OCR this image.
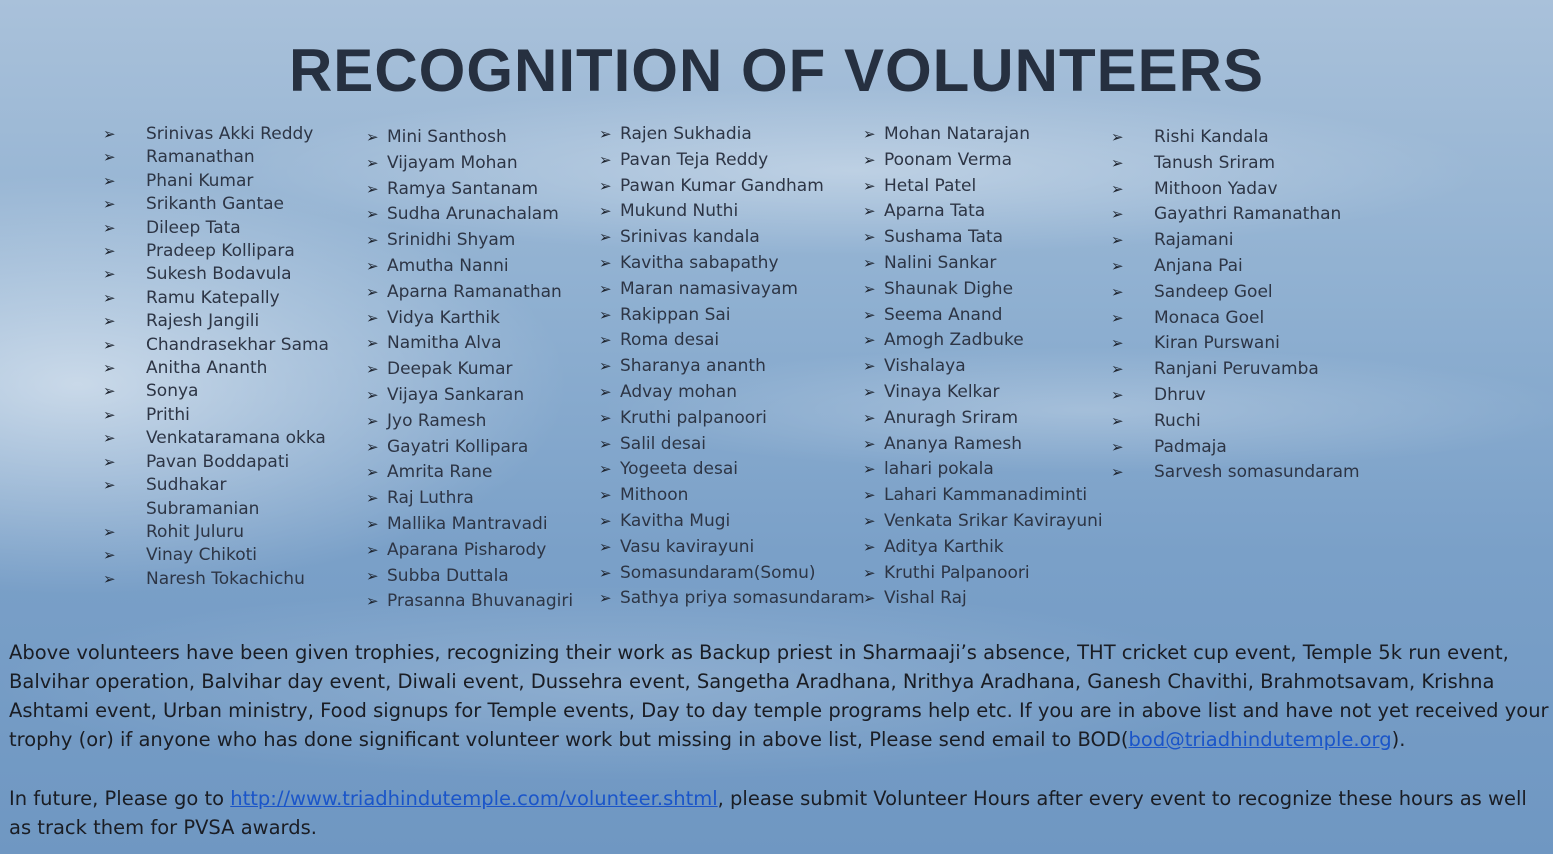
RECOGNITION OF VOLUNTEERS
➢ Srinivas Akki Reddy
➢ Ramanathan
➢ Phani Kumar
➢ Srikanth Gantae
➢ Dileep Tata
➢ Pradeep Kollipara
➢ Sukesh Bodavula
➢ Ramu Katepally
➢ Rajesh Jangili
➢ Chandrasekhar Sama
➢ Anitha Ananth
➢ Sonya
➢ Prithi
➢ Venkataramana okka
➢ Pavan Boddapati
➢ Sudhakar Subramanian
➢ Rohit Juluru
➢ Vinay Chikoti
➢ Naresh Tokachichu
➢ Mini Santhosh
➢ Vijayam Mohan
➢ Ramya Santanam
➢ Sudha Arunachalam
➢ Srinidhi Shyam
➢ Amutha Nanni
➢ Aparna Ramanathan
➢ Vidya Karthik
➢ Namitha Alva
➢ Deepak Kumar
➢ Vijaya Sankaran
➢ Jyo Ramesh
➢ Gayatri Kollipara
➢ Amrita Rane
➢ Raj Luthra
➢ Mallika Mantravadi
➢ Aparana Pisharody
➢ Subba Duttala
➢ Prasanna Bhuvanagiri
➢ Rajen Sukhadia
➢ Pavan Teja Reddy
➢ Pawan Kumar Gandham
➢ Mukund Nuthi
➢ Srinivas kandala
➢ Kavitha sabapathy
➢ Maran namasivayam
➢ Rakippan Sai
➢ Roma desai
➢ Sharanya ananth
➢ Advay mohan
➢ Kruthi palpanoori
➢ Salil desai
➢ Yogeeta desai
➢ Mithoon
➢ Kavitha Mugi
➢ Vasu kavirayuni
➢ Somasundaram(Somu)
➢ Sathya priya somasundaram
➢ Mohan Natarajan
➢ Poonam Verma
➢ Hetal Patel
➢ Aparna Tata
➢ Sushama Tata
➢ Nalini Sankar
➢ Shaunak Dighe
➢ Seema Anand
➢ Amogh Zadbuke
➢ Vishalaya
➢ Vinaya Kelkar
➢ Anuragh Sriram
➢ Ananya Ramesh
➢ lahari pokala
➢ Lahari Kammanadiminti
➢ Venkata Srikar Kavirayuni
➢ Aditya Karthik
➢ Kruthi Palpanoori
➢ Vishal Raj
➢ Rishi Kandala
➢ Tanush Sriram
➢ Mithoon Yadav
➢ Gayathri Ramanathan
➢ Rajamani
➢ Anjana Pai
➢ Sandeep Goel
➢ Monaca Goel
➢ Kiran Purswani
➢ Ranjani Peruvamba
➢ Dhruv
➢ Ruchi
➢ Padmaja
➢ Sarvesh somasundaram

Above volunteers have been given trophies, recognizing their work as Backup priest in Sharmaaji’s absence, THT cricket cup event, Temple 5k run event, Balvihar operation, Balvihar day event, Diwali event, Dussehra event, Sangetha Aradhana, Nrithya Aradhana, Ganesh Chavithi, Brahmotsavam, Krishna Ashtami event, Urban ministry, Food signups for Temple events, Day to day temple programs help etc. If you are in above list and have not yet received your trophy (or) if anyone who has done significant volunteer work but missing in above list, Please send email to BOD(bod@triadhindutemple.org).

In future, Please go to http://www.triadhindutemple.com/volunteer.shtml, please submit Volunteer Hours after every event to recognize these hours as well as track them for PVSA awards.
